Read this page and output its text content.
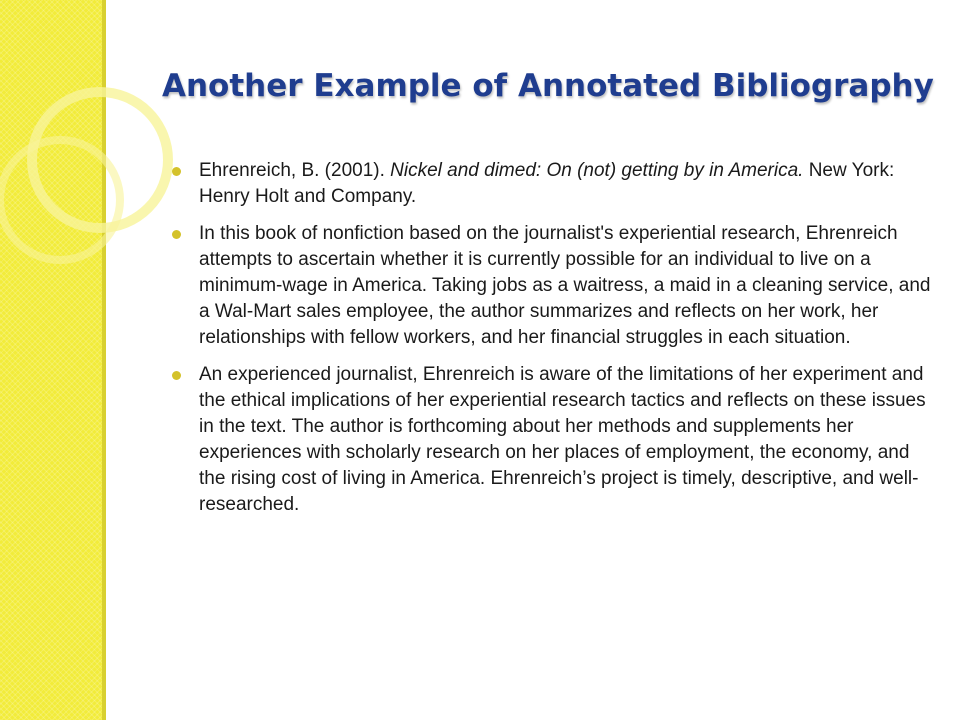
Another Example of Annotated Bibliography
Ehrenreich, B. (2001). Nickel and dimed: On (not) getting by in America. New York: Henry Holt and Company.
In this book of nonfiction based on the journalist's experiential research, Ehrenreich attempts to ascertain whether it is currently possible for an individual to live on a minimum-wage in America. Taking jobs as a waitress, a maid in a cleaning service, and a Wal-Mart sales employee, the author summarizes and reflects on her work, her relationships with fellow workers, and her financial struggles in each situation.
An experienced journalist, Ehrenreich is aware of the limitations of her experiment and the ethical implications of her experiential research tactics and reflects on these issues in the text. The author is forthcoming about her methods and supplements her experiences with scholarly research on her places of employment, the economy, and the rising cost of living in America. Ehrenreich’s project is timely, descriptive, and well-researched.
